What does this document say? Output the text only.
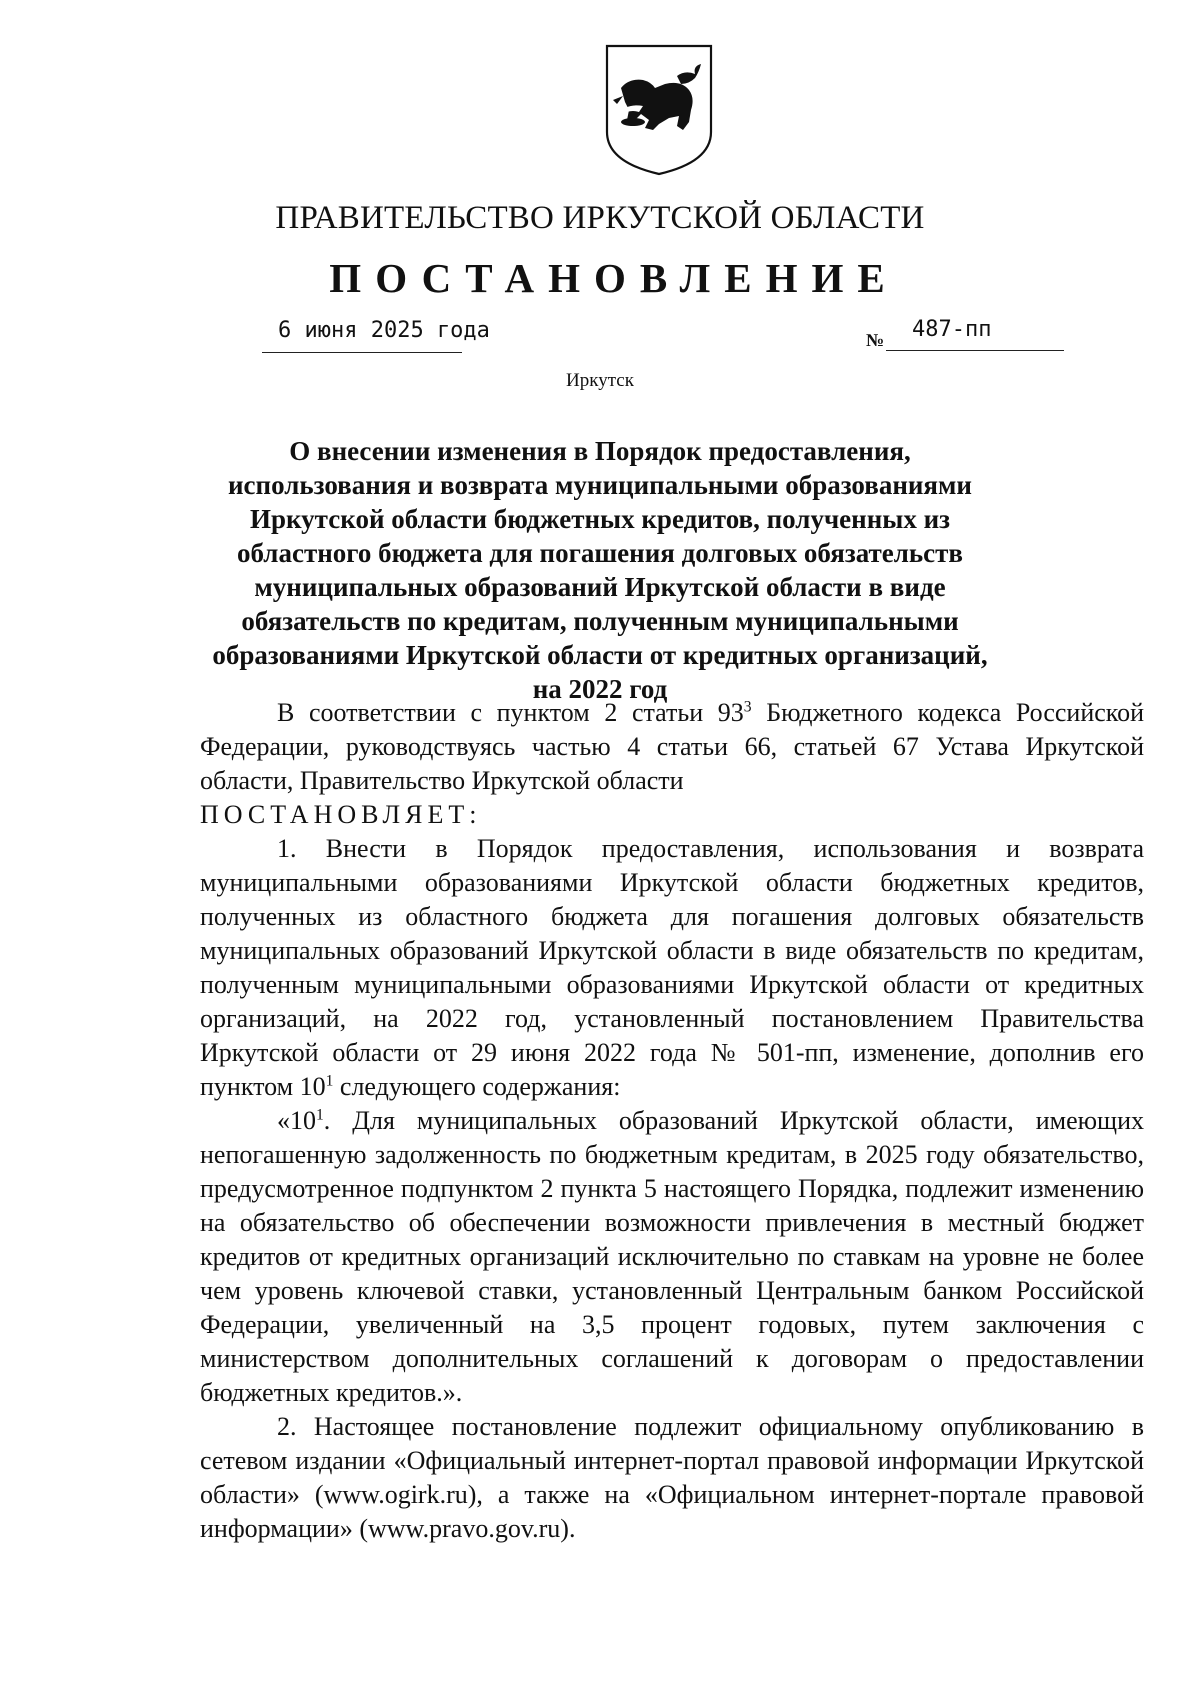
ПРАВИТЕЛЬСТВО ИРКУТСКОЙ ОБЛАСТИ
ПОСТАНОВЛЕНИЕ
6 июня 2025 года	№ 487-пп
Иркутск
О внесении изменения в Порядок предоставления, использования и возврата муниципальными образованиями Иркутской области бюджетных кредитов, полученных из областного бюджета для погашения долговых обязательств муниципальных образований Иркутской области в виде обязательств по кредитам, полученным муниципальными образованиями Иркутской области от кредитных организаций, на 2022 год

В соответствии с пунктом 2 статьи $93^3$ Бюджетного кодекса Российской Федерации, руководствуясь частью 4 статьи 66, статьей 67 Устава Иркутской области, Правительство Иркутской области

ПОСТАНОВЛЯЕТ:

1. Внести в Порядок предоставления, использования и возврата муниципальными образованиями Иркутской области бюджетных кредитов, полученных из областного бюджета для погашения долговых обязательств муниципальных образований Иркутской области в виде обязательств по кредитам, полученным муниципальными образованиями Иркутской области от кредитных организаций, на 2022 год, установленный постановлением Правительства Иркутской области от 29 июня 2022 года № 501-пп, изменение, дополнив его пунктом $10^1$ следующего содержания:

«$10^1$. Для муниципальных образований Иркутской области, имеющих непогашенную задолженность по бюджетным кредитам, в 2025 году обязательство, предусмотренное подпунктом 2 пункта 5 настоящего Порядка, подлежит изменению на обязательство об обеспечении возможности привлечения в местный бюджет кредитов от кредитных организаций исключительно по ставкам на уровне не более чем уровень ключевой ставки, установленный Центральным банком Российской Федерации, увеличенный на 3,5 процент годовых, путем заключения с министерством дополнительных соглашений к договорам о предоставлении бюджетных кредитов.».

2. Настоящее постановление подлежит официальному опубликованию в сетевом издании «Официальный интернет-портал правовой информации Иркутской области» (www.ogirk.ru), а также на «Официальном интернет-портале правовой информации» (www.pravo.gov.ru).
